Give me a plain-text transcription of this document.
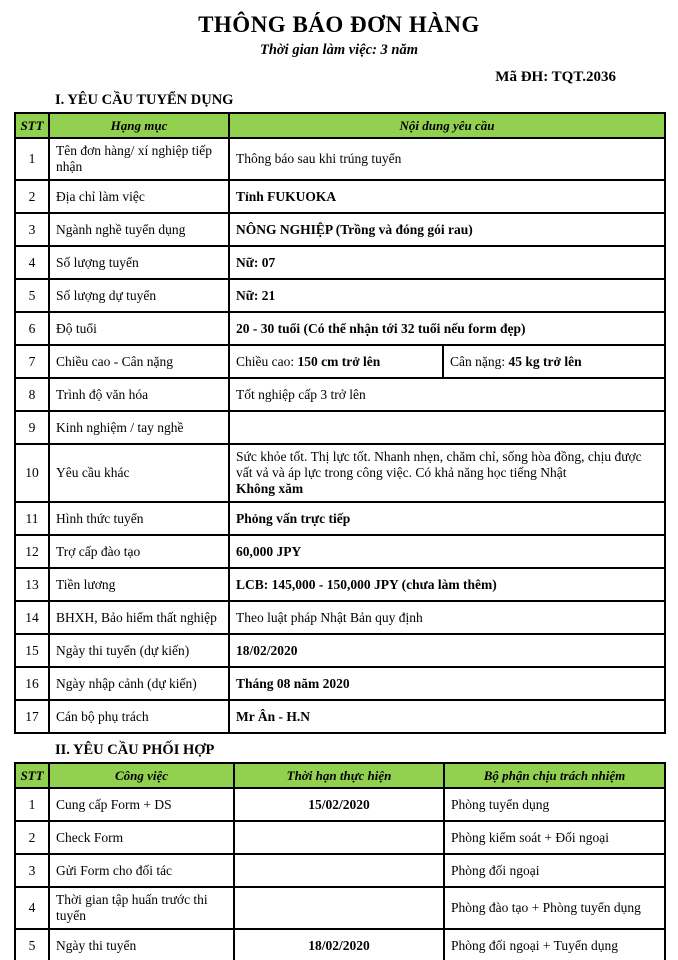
THÔNG BÁO ĐƠN HÀNG
Thời gian làm việc: 3 năm
Mã ĐH: TQT.2036
I. YÊU CẦU TUYỂN DỤNG
STT	Hạng mục	Nội dung yêu cầu	
1	Tên đơn hàng/ xí nghiệp tiếp nhận	Thông báo sau khi trúng tuyển	
2	Địa chỉ làm việc	Tỉnh FUKUOKA	
3	Ngành nghề tuyển dụng	NÔNG NGHIỆP (Trồng và đóng gói rau)	
4	Số lượng tuyển	Nữ: 07	
5	Số lượng dự tuyển	Nữ: 21	
6	Độ tuổi	20 - 30 tuổi (Có thể nhận tới 32 tuổi nếu form đẹp)	
7	Chiều cao - Cân nặng	Chiều cao: 150 cm trở lên	Cân nặng: 45 kg trở lên
8	Trình độ văn hóa	Tốt nghiệp cấp 3 trở lên	
9	Kinh nghiệm / tay nghề		
10	Yêu cầu khác	Sức khỏe tốt. Thị lực tốt. Nhanh nhẹn, chăm chỉ, sống hòa đồng, chịu được vất vả và áp lực trong công việc. Có khả năng học tiếng Nhật
Không xăm	
11	Hình thức tuyển	Phỏng vấn trực tiếp	
12	Trợ cấp đào tạo	60,000 JPY	
13	Tiền lương	LCB: 145,000 - 150,000 JPY (chưa làm thêm)	
14	BHXH, Bảo hiểm thất nghiệp	Theo luật pháp Nhật Bản quy định	
15	Ngày thi tuyển (dự kiến)	18/02/2020	
16	Ngày nhập cảnh (dự kiến)	Tháng 08 năm 2020	
17	Cán bộ phụ trách	Mr Ân - H.N	
II. YÊU CẦU PHỐI HỢP
STT	Công việc	Thời hạn thực hiện	Bộ phận chịu trách nhiệm
1	Cung cấp Form + DS	15/02/2020	Phòng tuyển dụng
2	Check Form		Phòng kiểm soát + Đối ngoại
3	Gửi Form cho đối tác		Phòng đối ngoại
4	Thời gian tập huấn trước thi tuyển		Phòng đào tạo + Phòng tuyển dụng
5	Ngày thi tuyển	18/02/2020	Phòng đối ngoại + Tuyển dụng
